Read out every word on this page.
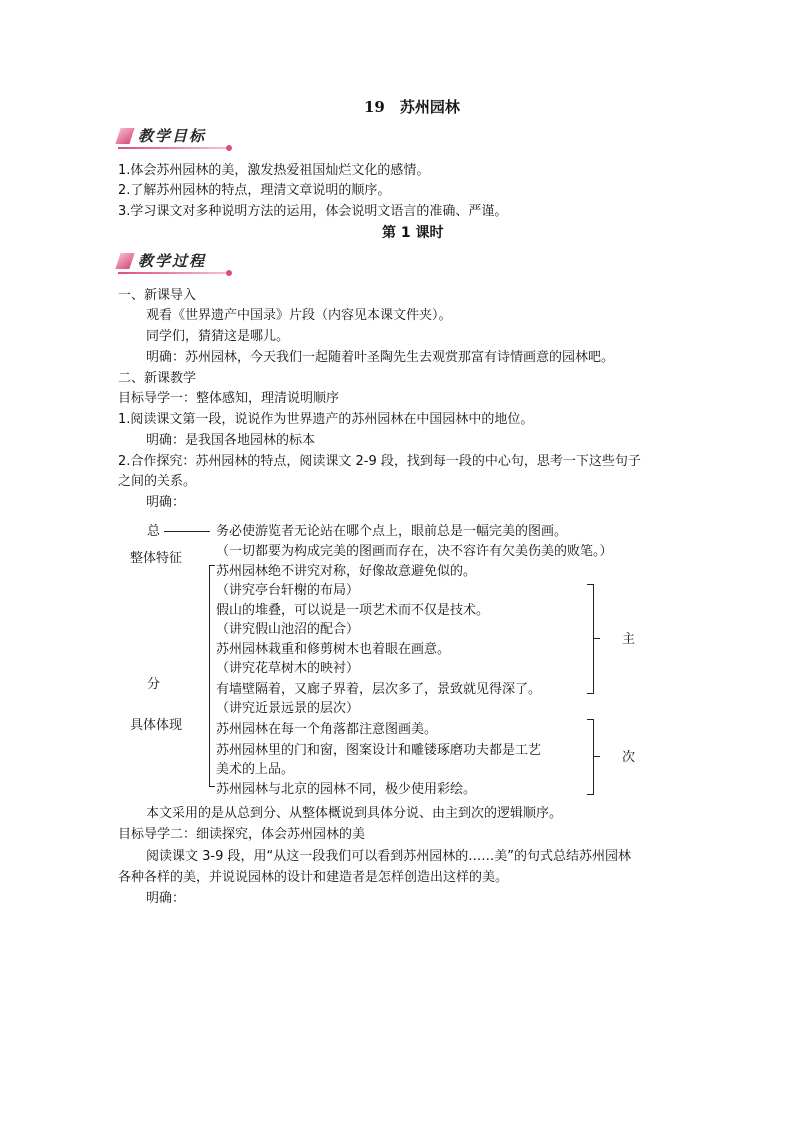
19　苏州园林
教学目标
1.体会苏州园林的美，激发热爱祖国灿烂文化的感情。
2.了解苏州园林的特点，理清文章说明的顺序。
3.学习课文对多种说明方法的运用，体会说明文语言的准确、严谨。
第 1 课时
教学过程
一、新课导入
观看《世界遗产中国录》片段（内容见本课文件夹）。
同学们，猜猜这是哪儿。
明确：苏州园林，今天我们一起随着叶圣陶先生去观赏那富有诗情画意的园林吧。
二、新课教学
目标导学一：整体感知，理清说明顺序
1.阅读课文第一段，说说作为世界遗产的苏州园林在中国园林中的地位。
明确：是我国各地园林的标本
2.合作探究：苏州园林的特点，阅读课文 2-9 段，找到每一段的中心句，思考一下这些句子
之间的关系。
明确：
总	务必使游览者无论站在哪个点上，眼前总是一幅完美的图画。
（一切都要为构成完美的图画而存在，决不容许有欠美伤美的败笔。）
整体特征
分
具体体现
苏州园林绝不讲究对称，好像故意避免似的。
（讲究亭台轩榭的布局）
假山的堆叠，可以说是一项艺术而不仅是技术。
（讲究假山池沼的配合）
苏州园林栽重和修剪树木也着眼在画意。
（讲究花草树木的映衬）
有墙壁隔着，又廊子界着，层次多了，景致就见得深了。
（讲究近景远景的层次）
苏州园林在每一个角落都注意图画美。
苏州园林里的门和窗，图案设计和雕镂琢磨功夫都是工艺
美术的上品。
苏州园林与北京的园林不同，极少使用彩绘。
主
次
本文采用的是从总到分、从整体概说到具体分说、由主到次的逻辑顺序。
目标导学二：细读探究，体会苏州园林的美
阅读课文 3-9 段，用“从这一段我们可以看到苏州园林的……美”的句式总结苏州园林
各种各样的美，并说说园林的设计和建造者是怎样创造出这样的美。
明确：
